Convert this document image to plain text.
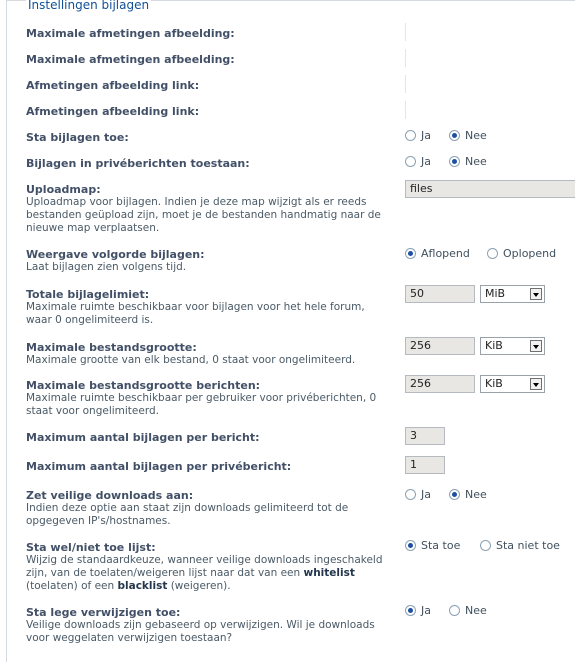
Instellingen bijlagen
Maximale afmetingen afbeelding:
Maximale afmetingen afbeelding:
Afmetingen afbeelding link:
Afmetingen afbeelding link:
Sta bijlagen toe:	Ja	Nee
Bijlagen in privéberichten toestaan:	Ja	Nee
Uploadmap:
Uploadmap voor bijlagen. Indien je deze map wijzigt als er reeds bestanden geüpload zijn, moet je de bestanden handmatig naar de nieuwe map verplaatsen.
files
Weergave volgorde bijlagen:
Laat bijlagen zien volgens tijd.
Aflopend	Oplopend
Totale bijlagelimiet:
Maximale ruimte beschikbaar voor bijlagen voor het hele forum, waar 0 ongelimiteerd is.
50	MiB
Maximale bestandsgrootte:
Maximale grootte van elk bestand, 0 staat voor ongelimiteerd.
256	KiB
Maximale bestandsgrootte berichten:
Maximale ruimte beschikbaar per gebruiker voor privéberichten, 0 staat voor ongelimiteerd.
256	KiB
Maximum aantal bijlagen per bericht:	3
Maximum aantal bijlagen per privébericht:	1
Zet veilige downloads aan:
Indien deze optie aan staat zijn downloads gelimiteerd tot de opgegeven IP's/hostnames.
Ja	Nee
Sta wel/niet toe lijst:
Wijzig de standaardkeuze, wanneer veilige downloads ingeschakeld zijn, van de toelaten/weigeren lijst naar dat van een whitelist (toelaten) of een blacklist (weigeren).
Sta toe	Sta niet toe
Sta lege verwijzigen toe:
Veilige downloads zijn gebaseerd op verwijzigen. Wil je downloads voor weggelaten verwijzigen toestaan?
Ja	Nee
